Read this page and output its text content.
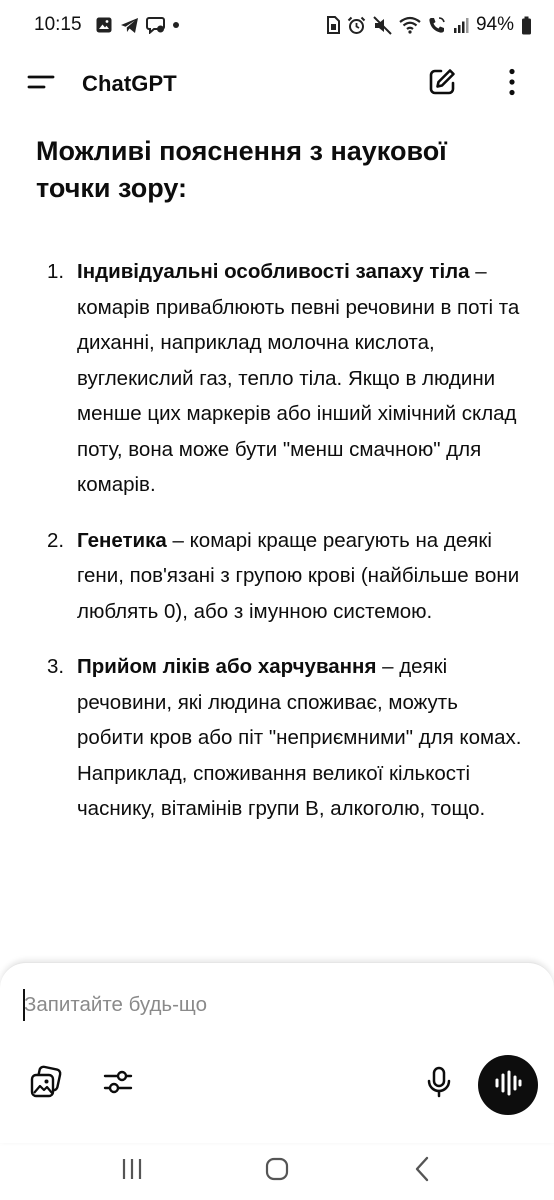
10:15	94%
ChatGPT
Можливі пояснення з наукової точки зору:
1. Індивідуальні особливості запаху тіла – комарів приваблюють певні речовини в поті та диханні, наприклад молочна кислота, вуглекислий газ, тепло тіла. Якщо в людини менше цих маркерів або інший хімічний склад поту, вона може бути "менш смачною" для комарів.
2. Генетика – комарі краще реагують на деякі гени, пов'язані з групою крові (найбільше вони люблять 0), або з імунною системою.
3. Прийом ліків або харчування – деякі речовини, які людина споживає, можуть робити кров або піт "неприємними" для комах. Наприклад, споживання великої кількості часнику, вітамінів групи B, алкоголю, тощо.
Запитайте будь-що
